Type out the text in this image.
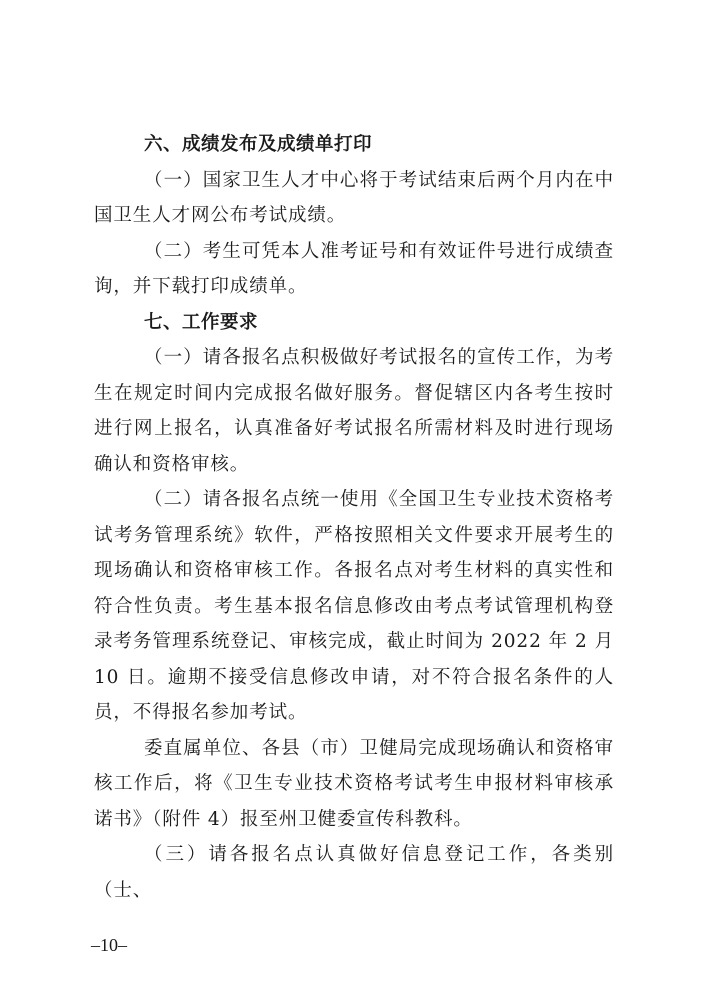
六、成绩发布及成绩单打印

（一）国家卫生人才中心将于考试结束后两个月内在中国卫生人才网公布考试成绩。

（二）考生可凭本人准考证号和有效证件号进行成绩查询，并下载打印成绩单。

七、工作要求

（一）请各报名点积极做好考试报名的宣传工作，为考生在规定时间内完成报名做好服务。督促辖区内各考生按时进行网上报名，认真准备好考试报名所需材料及时进行现场确认和资格审核。

（二）请各报名点统一使用《全国卫生专业技术资格考试考务管理系统》软件，严格按照相关文件要求开展考生的现场确认和资格审核工作。各报名点对考生材料的真实性和符合性负责。考生基本报名信息修改由考点考试管理机构登录考务管理系统登记、审核完成，截止时间为 2022 年 2 月 10 日。逾期不接受信息修改申请，对不符合报名条件的人员，不得报名参加考试。

委直属单位、各县（市）卫健局完成现场确认和资格审核工作后，将《卫生专业技术资格考试考生申报材料审核承诺书》（附件 4）报至州卫健委宣传科教科。

（三）请各报名点认真做好信息登记工作，各类别（士、

–10–
